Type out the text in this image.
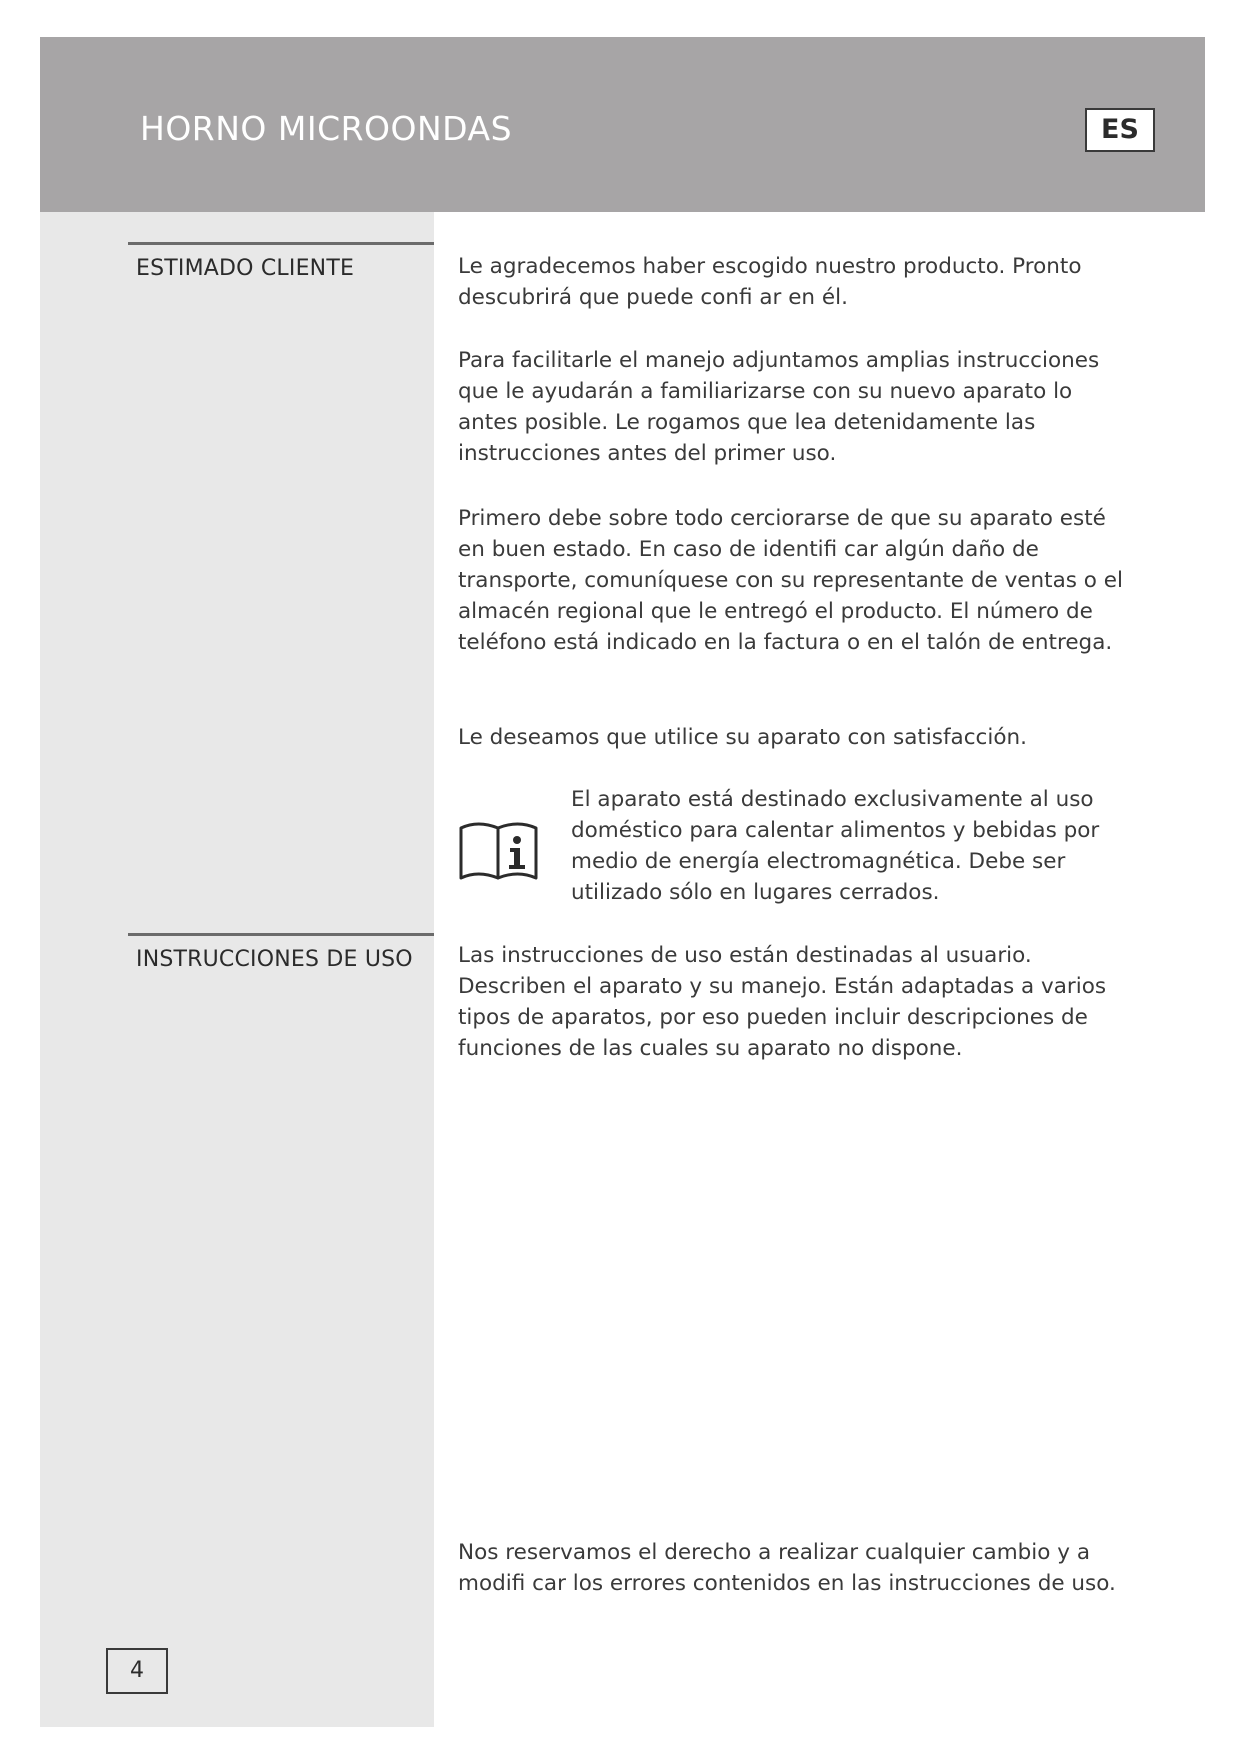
HORNO MICROONDAS	ES
ESTIMADO CLIENTE	Le agradecemos haber escogido nuestro producto. Pronto descubrirá que puede confi ar en él.

Para facilitarle el manejo adjuntamos amplias instrucciones que le ayudarán a familiarizarse con su nuevo aparato lo antes posible. Le rogamos que lea detenidamente las instrucciones antes del primer uso.

Primero debe sobre todo cerciorarse de que su aparato esté en buen estado. En caso de identifi car algún daño de transporte, comuníquese con su representante de ventas o el almacén regional que le entregó el producto. El número de teléfono está indicado en la factura o en el talón de entrega.

Le deseamos que utilice su aparato con satisfacción.

El aparato está destinado exclusivamente al uso doméstico para calentar alimentos y bebidas por medio de energía electromagnética. Debe ser utilizado sólo en lugares cerrados.

INSTRUCCIONES DE USO	Las instrucciones de uso están destinadas al usuario. Describen el aparato y su manejo. Están adaptadas a varios tipos de aparatos, por eso pueden incluir descripciones de funciones de las cuales su aparato no dispone.

Nos reservamos el derecho a realizar cualquier cambio y a modifi car los errores contenidos en las instrucciones de uso.

4
